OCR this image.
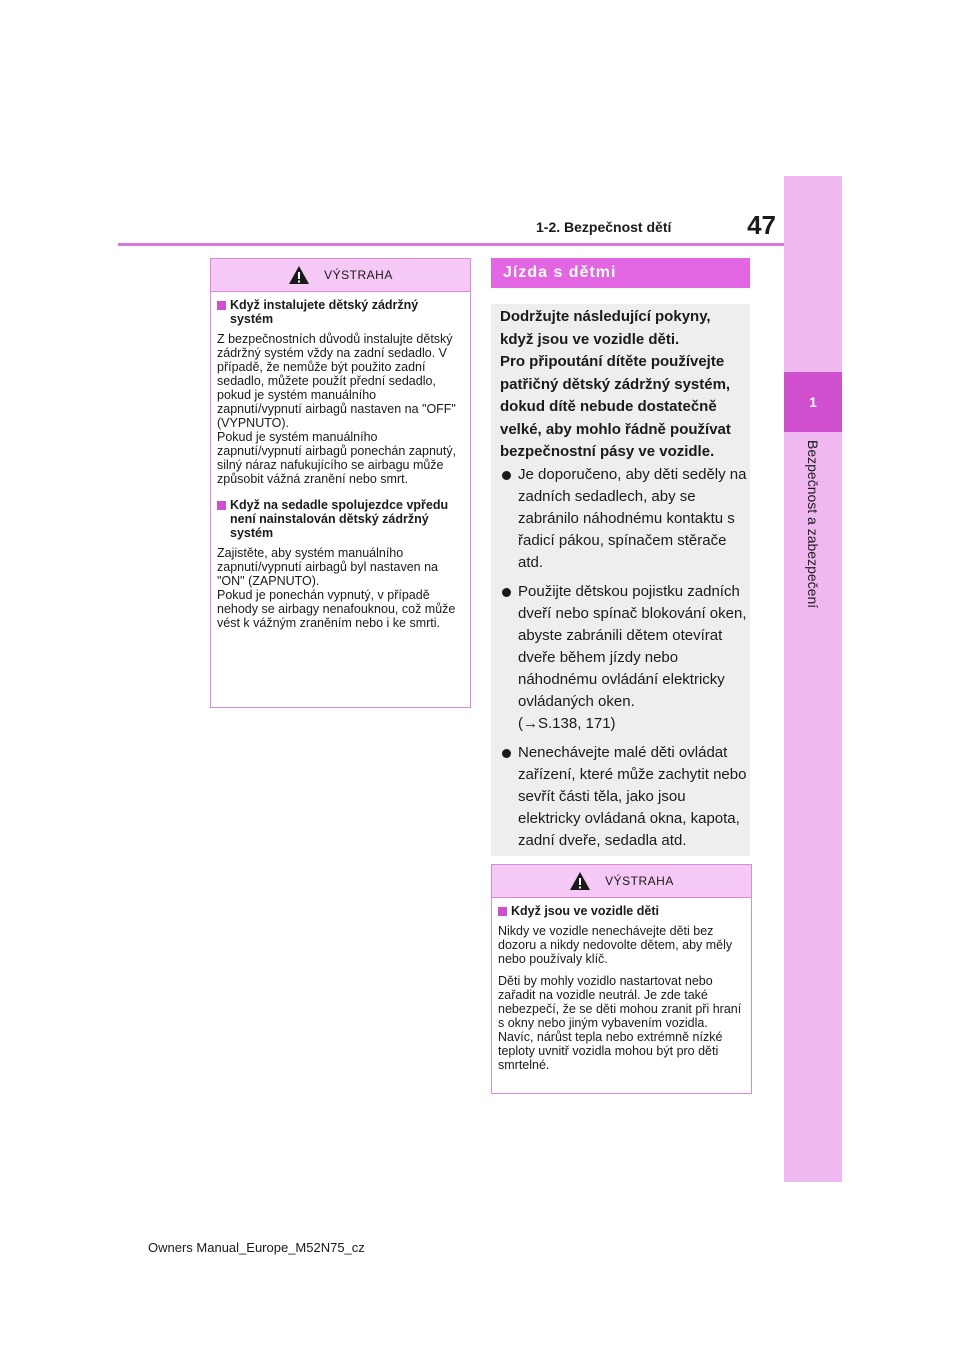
1
Bezpečnost a zabezpečení
1-2. Bezpečnost dětí	47
VÝSTRAHA
Když instalujete dětský zádržný systém

Z bezpečnostních důvodů instalujte dětský zádržný systém vždy na zadní sedadlo. V případě, že nemůže být použito zadní sedadlo, můžete použít přední sedadlo, pokud je systém manuálního zapnutí/vypnutí airbagů nastaven na "OFF" (VYPNUTO).
Pokud je systém manuálního zapnutí/vypnutí airbagů ponechán zapnutý, silný náraz nafukujícího se airbagu může způsobit vážná zranění nebo smrt.

Když na sedadle spolujezdce vpředu není nainstalován dětský zádržný systém

Zajistěte, aby systém manuálního zapnutí/vypnutí airbagů byl nastaven na "ON" (ZAPNUTO).
Pokud je ponechán vypnutý, v případě nehody se airbagy nenafouknou, což může vést k vážným zraněním nebo i ke smrti.

Jízda s dětmi
Dodržujte následující pokyny, když jsou ve vozidle děti.
Pro připoutání dítěte používejte patřičný dětský zádržný systém, dokud dítě nebude dostatečně velké, aby mohlo řádně používat bezpečnostní pásy ve vozidle.
Je doporučeno, aby děti seděly na zadních sedadlech, aby se zabránilo náhodnému kontaktu s řadicí pákou, spínačem stěrače atd.
Použijte dětskou pojistku zadních dveří nebo spínač blokování oken, abyste zabránili dětem otevírat dveře během jízdy nebo náhodnému ovládání elektricky ovládaných oken.
(→S.138, 171)
Nenechávejte malé děti ovládat zařízení, které může zachytit nebo sevřít části těla, jako jsou elektricky ovládaná okna, kapota, zadní dveře, sedadla atd.
VÝSTRAHA
Když jsou ve vozidle děti

Nikdy ve vozidle nenechávejte děti bez dozoru a nikdy nedovolte dětem, aby měly nebo používaly klíč.

Děti by mohly vozidlo nastartovat nebo zařadit na vozidle neutrál. Je zde také nebezpečí, že se děti mohou zranit při hraní s okny nebo jiným vybavením vozidla. Navíc, nárůst tepla nebo extrémně nízké teploty uvnitř vozidla mohou být pro děti smrtelné.

Owners Manual_Europe_M52N75_cz
